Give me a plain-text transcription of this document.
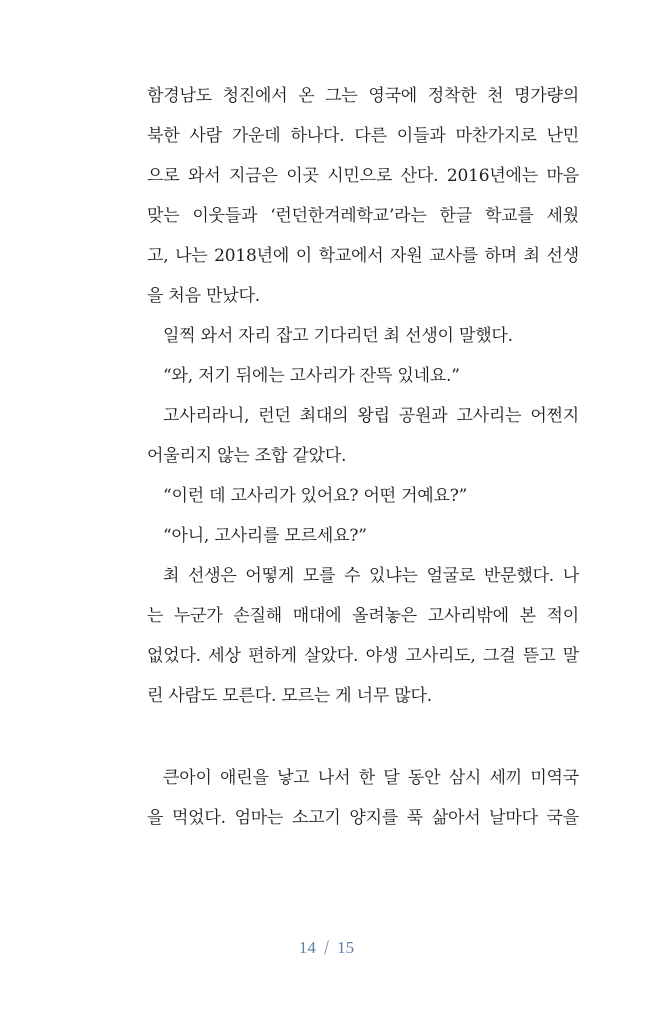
함경남도 청진에서 온 그는 영국에 정착한 천 명가량의
북한 사람 가운데 하나다. 다른 이들과 마찬가지로 난민
으로 와서 지금은 이곳 시민으로 산다. 2016년에는 마음
맞는 이웃들과 ‘런던한겨레학교’라는 한글 학교를 세웠
고, 나는 2018년에 이 학교에서 자원 교사를 하며 최 선생
을 처음 만났다.
일찍 와서 자리 잡고 기다리던 최 선생이 말했다.
“와, 저기 뒤에는 고사리가 잔뜩 있네요.”
고사리라니, 런던 최대의 왕립 공원과 고사리는 어쩐지
어울리지 않는 조합 같았다.
“이런 데 고사리가 있어요? 어떤 거예요?”
“아니, 고사리를 모르세요?”
최 선생은 어떻게 모를 수 있냐는 얼굴로 반문했다. 나
는 누군가 손질해 매대에 올려놓은 고사리밖에 본 적이
없었다. 세상 편하게 살았다. 야생 고사리도, 그걸 뜯고 말
린 사람도 모른다. 모르는 게 너무 많다.
큰아이 애린을 낳고 나서 한 달 동안 삼시 세끼 미역국
을 먹었다. 엄마는 소고기 양지를 푹 삶아서 날마다 국을
14 / 15
